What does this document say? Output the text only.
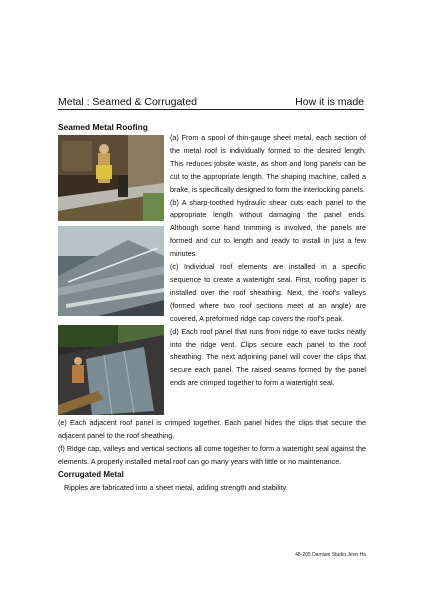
Metal : Seamed & Corrugated	How it is made
Seamed Metal Roofing

(a) From a spool of thin-gauge sheet metal, each section of the metal roof is individually formed to the desired length. This reduces jobsite waste, as short and long panels can be cut to the appropriate length. The shaping machine, called a brake, is specifically designed to form the interlocking panels.

(b) A sharp-toothed hydraulic shear cuts each panel to the appropriate length without damaging the panel ends. Although some hand trimming is involved, the panels are formed and cut to length and ready to install in just a few minutes.

(c) Individual roof elements are installed in a specific sequence to create a watertight seal. First, roofing paper is installed over the roof sheathing. Next, the roof's valleys (formed where two roof sections meet at an angle) are covered. A preformed ridge cap covers the roof's peak.

(d) Each roof panel that runs from ridge to eave tucks neatly into the ridge vent. Clips secure each panel to the roof sheathing. The next adjoining panel will cover the clips that secure each panel. The raised seams formed by the panel ends are crimped together to form a watertight seal.

(e) Each adjacent roof panel is crimped together. Each panel hides the clips that secure the adjacent panel to the roof sheathing.

(f) Ridge cap, valleys and vertical sections all come together to form a watertight seal against the elements. A properly installed metal roof can go many years with little or no maintenance.

Corrugated Metal

Ripples are fabricated into a sheet metal, adding strength and stability.

48-205 Damiani Studio Jeon Ha
